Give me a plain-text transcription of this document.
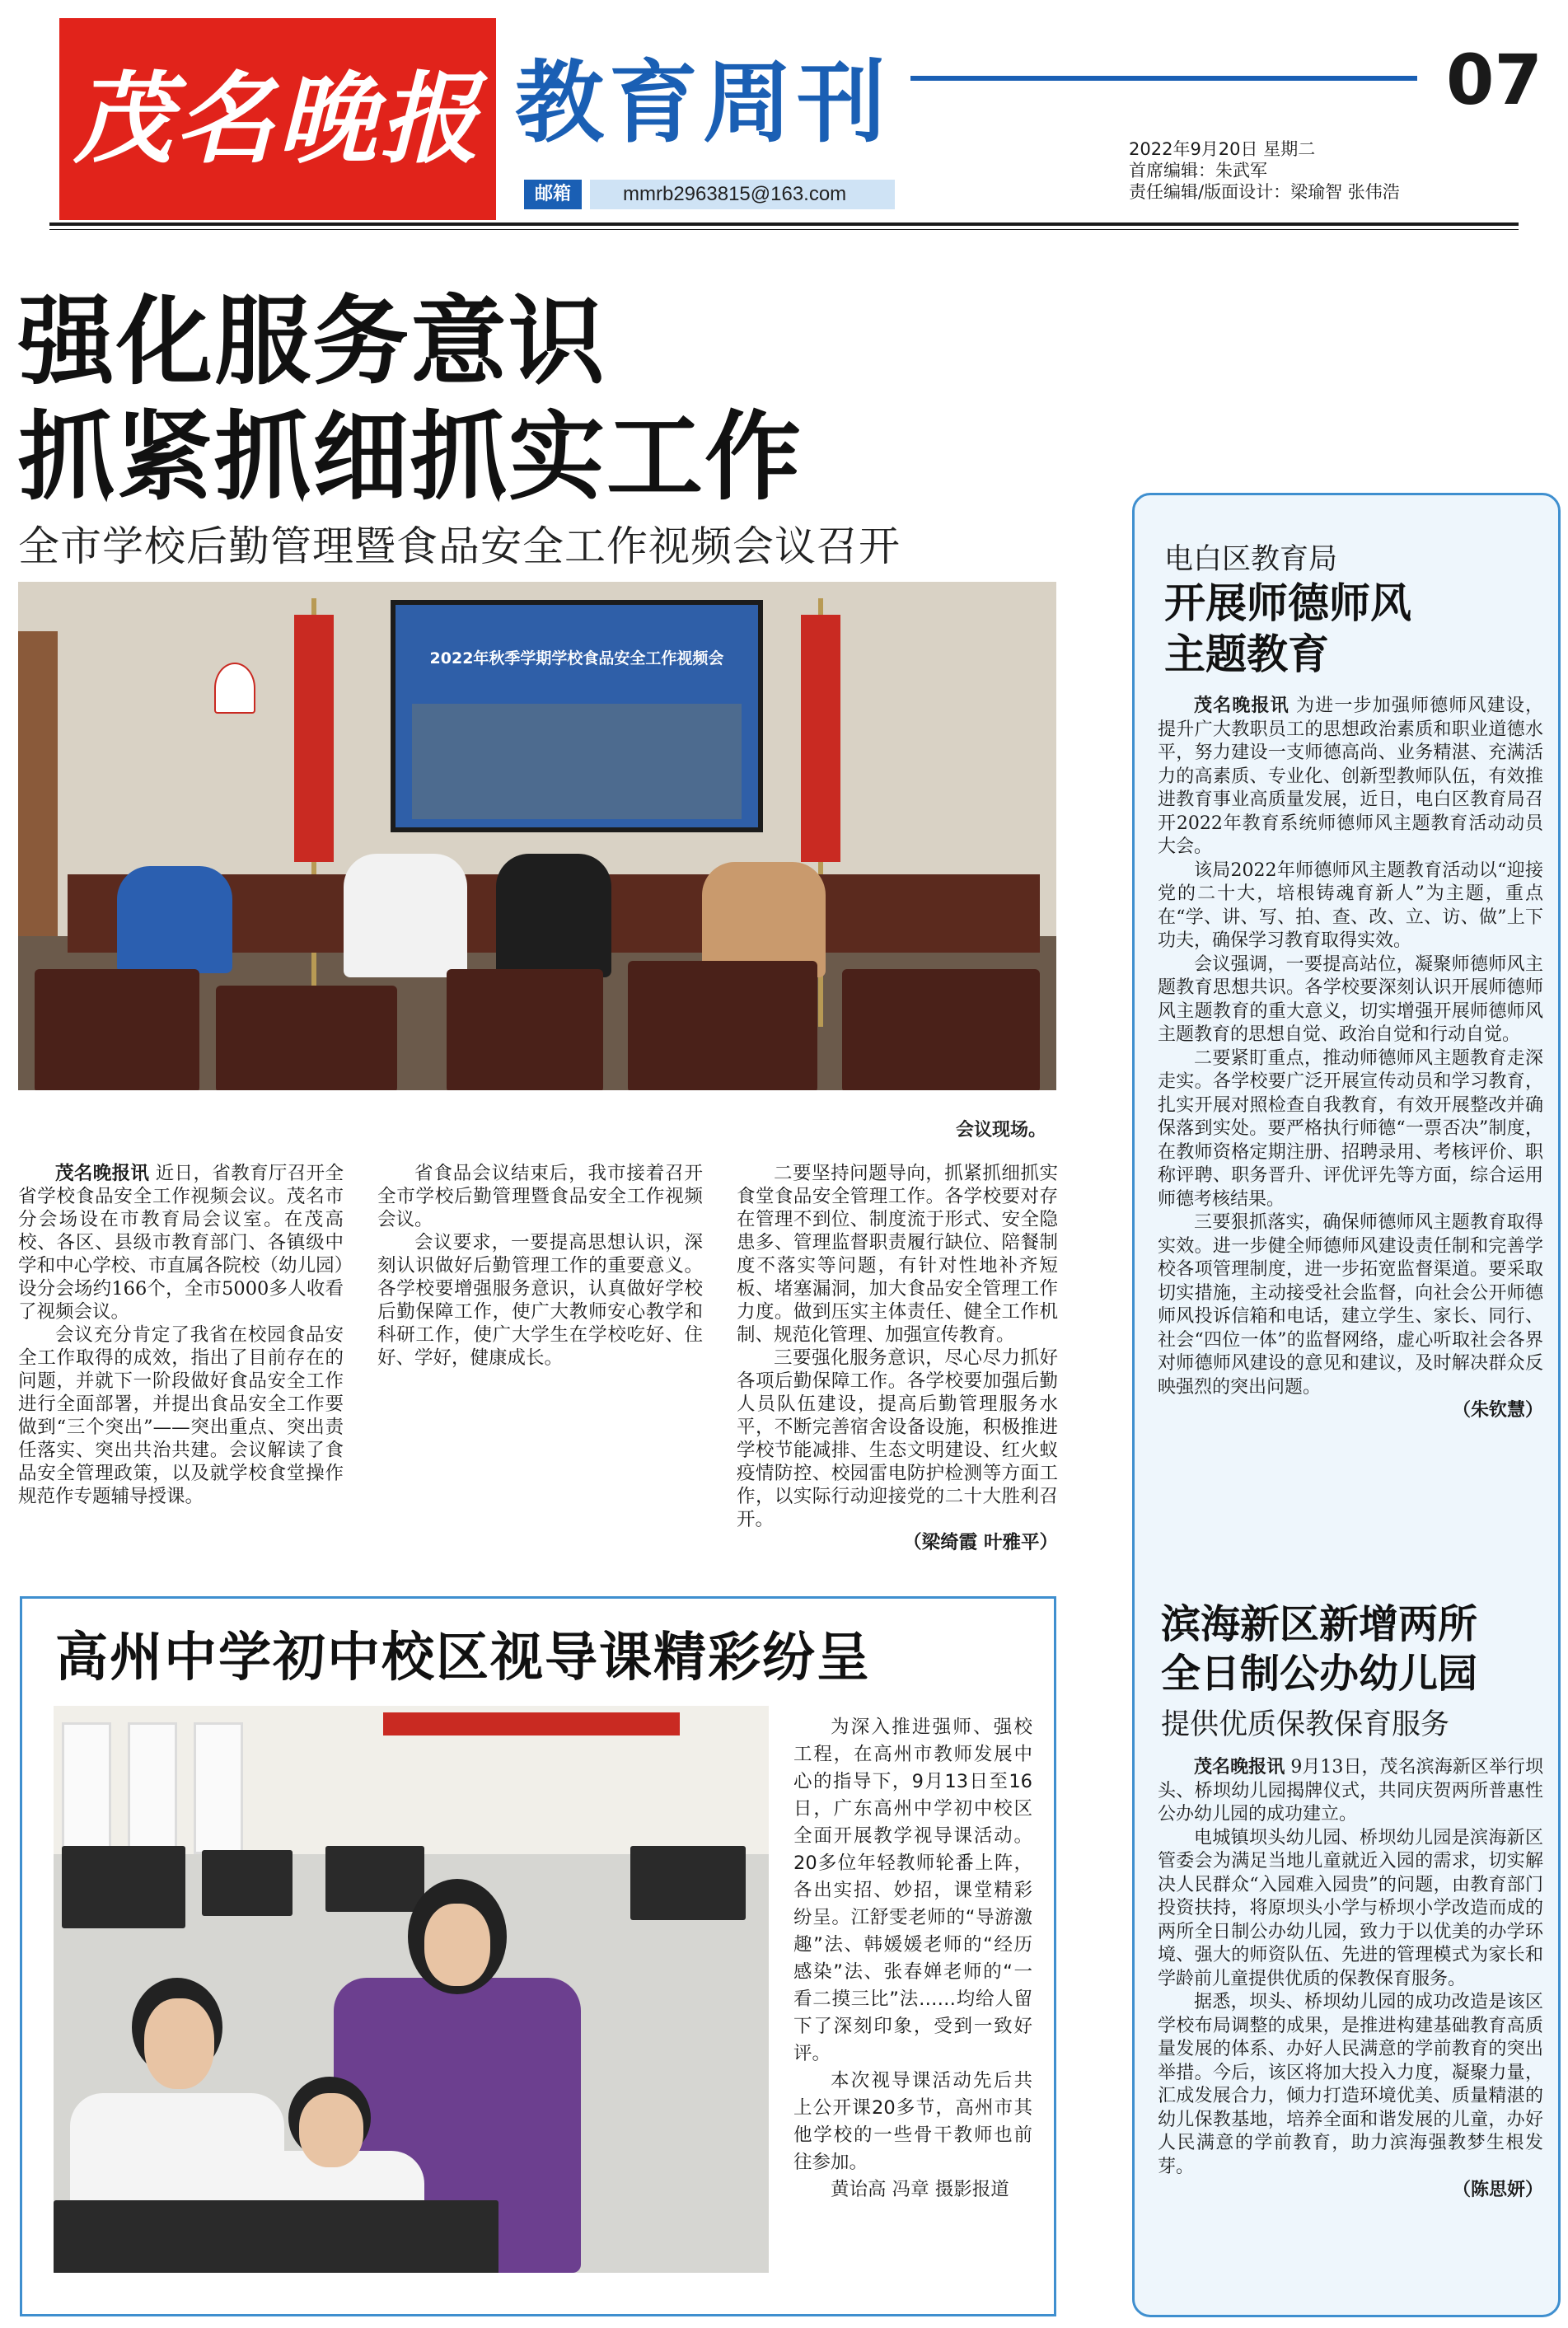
茂名晚报 教育周刊	07
邮箱	mmrb2963815@163.com
2022年9月20日 星期二
首席编辑：朱武军
责任编辑/版面设计：梁瑜智 张伟浩
强化服务意识
抓紧抓细抓实工作
全市学校后勤管理暨食品安全工作视频会议召开
2022年秋季学期学校食品安全工作视频会
会议现场。

茂名晚报讯 近日，省教育厅召开全省学校食品安全工作视频会议。茂名市分会场设在市教育局会议室。在茂高校、各区、县级市教育部门、各镇级中学和中心学校、市直属各院校（幼儿园）设分会场约166个，全市5000多人收看了视频会议。

会议充分肯定了我省在校园食品安全工作取得的成效，指出了目前存在的问题，并就下一阶段做好食品安全工作进行全面部署，并提出食品安全工作要做到“三个突出”——突出重点、突出责任落实、突出共治共建。会议解读了食品安全管理政策，以及就学校食堂操作规范作专题辅导授课。

省食品会议结束后，我市接着召开全市学校后勤管理暨食品安全工作视频会议。

会议要求，一要提高思想认识，深刻认识做好后勤管理工作的重要意义。各学校要增强服务意识，认真做好学校后勤保障工作，使广大教师安心教学和科研工作，使广大学生在学校吃好、住好、学好，健康成长。

二要坚持问题导向，抓紧抓细抓实食堂食品安全管理工作。各学校要对存在管理不到位、制度流于形式、安全隐患多、管理监督职责履行缺位、陪餐制度不落实等问题，有针对性地补齐短板、堵塞漏洞，加大食品安全管理工作力度。做到压实主体责任、健全工作机制、规范化管理、加强宣传教育。

三要强化服务意识，尽心尽力抓好各项后勤保障工作。各学校要加强后勤人员队伍建设，提高后勤管理服务水平，不断完善宿舍设备设施，积极推进学校节能减排、生态文明建设、红火蚁疫情防控、校园雷电防护检测等方面工作，以实际行动迎接党的二十大胜利召开。

（梁绮霞 叶雅平）
高州中学初中校区视导课精彩纷呈

为深入推进强师、强校工程，在高州市教师发展中心的指导下，9月13日至16日，广东高州中学初中校区全面开展教学视导课活动。20多位年轻教师轮番上阵，各出实招、妙招，课堂精彩纷呈。江舒雯老师的“导游激趣”法、韩媛媛老师的“经历感染”法、张春婵老师的“一看二摸三比”法……均给人留下了深刻印象，受到一致好评。

本次视导课活动先后共上公开课20多节，高州市其他学校的一些骨干教师也前往参加。

黄诒高 冯章 摄影报道

电白区教育局
开展师德师风
主题教育

茂名晚报讯 为进一步加强师德师风建设，提升广大教职员工的思想政治素质和职业道德水平，努力建设一支师德高尚、业务精湛、充满活力的高素质、专业化、创新型教师队伍，有效推进教育事业高质量发展，近日，电白区教育局召开2022年教育系统师德师风主题教育活动动员大会。

该局2022年师德师风主题教育活动以“迎接党的二十大，培根铸魂育新人”为主题，重点在“学、讲、写、拍、查、改、立、访、做”上下功夫，确保学习教育取得实效。

会议强调，一要提高站位，凝聚师德师风主题教育思想共识。各学校要深刻认识开展师德师风主题教育的重大意义，切实增强开展师德师风主题教育的思想自觉、政治自觉和行动自觉。

二要紧盯重点，推动师德师风主题教育走深走实。各学校要广泛开展宣传动员和学习教育，扎实开展对照检查自我教育，有效开展整改并确保落到实处。要严格执行师德“一票否决”制度，在教师资格定期注册、招聘录用、考核评价、职称评聘、职务晋升、评优评先等方面，综合运用师德考核结果。

三要狠抓落实，确保师德师风主题教育取得实效。进一步健全师德师风建设责任制和完善学校各项管理制度，进一步拓宽监督渠道。要采取切实措施，主动接受社会监督，向社会公开师德师风投诉信箱和电话，建立学生、家长、同行、社会“四位一体”的监督网络，虚心听取社会各界对师德师风建设的意见和建议，及时解决群众反映强烈的突出问题。

（朱钦慧）
滨海新区新增两所
全日制公办幼儿园
提供优质保教保育服务

茂名晚报讯 9月13日，茂名滨海新区举行坝头、桥坝幼儿园揭牌仪式，共同庆贺两所普惠性公办幼儿园的成功建立。

电城镇坝头幼儿园、桥坝幼儿园是滨海新区管委会为满足当地儿童就近入园的需求，切实解决人民群众“入园难入园贵”的问题，由教育部门投资扶持，将原坝头小学与桥坝小学改造而成的两所全日制公办幼儿园，致力于以优美的办学环境、强大的师资队伍、先进的管理模式为家长和学龄前儿童提供优质的保教保育服务。

据悉，坝头、桥坝幼儿园的成功改造是该区学校布局调整的成果，是推进构建基础教育高质量发展的体系、办好人民满意的学前教育的突出举措。今后，该区将加大投入力度，凝聚力量，汇成发展合力，倾力打造环境优美、质量精湛的幼儿保教基地，培养全面和谐发展的儿童，办好人民满意的学前教育，助力滨海强教梦生根发芽。

（陈思妍）
